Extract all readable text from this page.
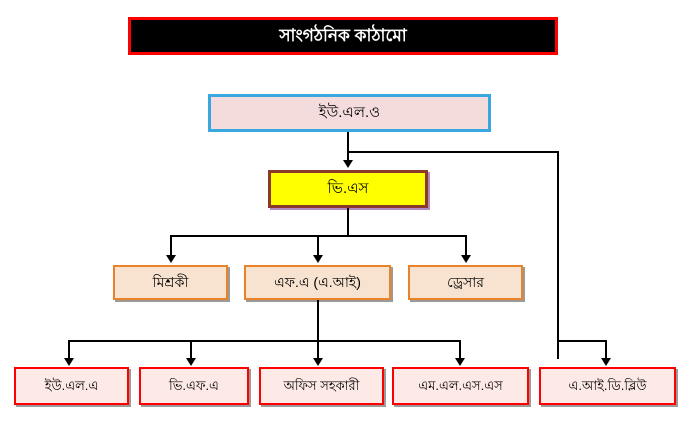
সাংগঠনিক কাঠামো
ইউ.এল.ও
ভি.এস
মিশ্রকী	এফ.এ (এ.আই)	ড্রেসার
ইউ.এল.এ	ভি.এফ.এ	অফিস সহকারী	এম.এল.এস.এস	এ.আই.ডি.ব্লিউ
